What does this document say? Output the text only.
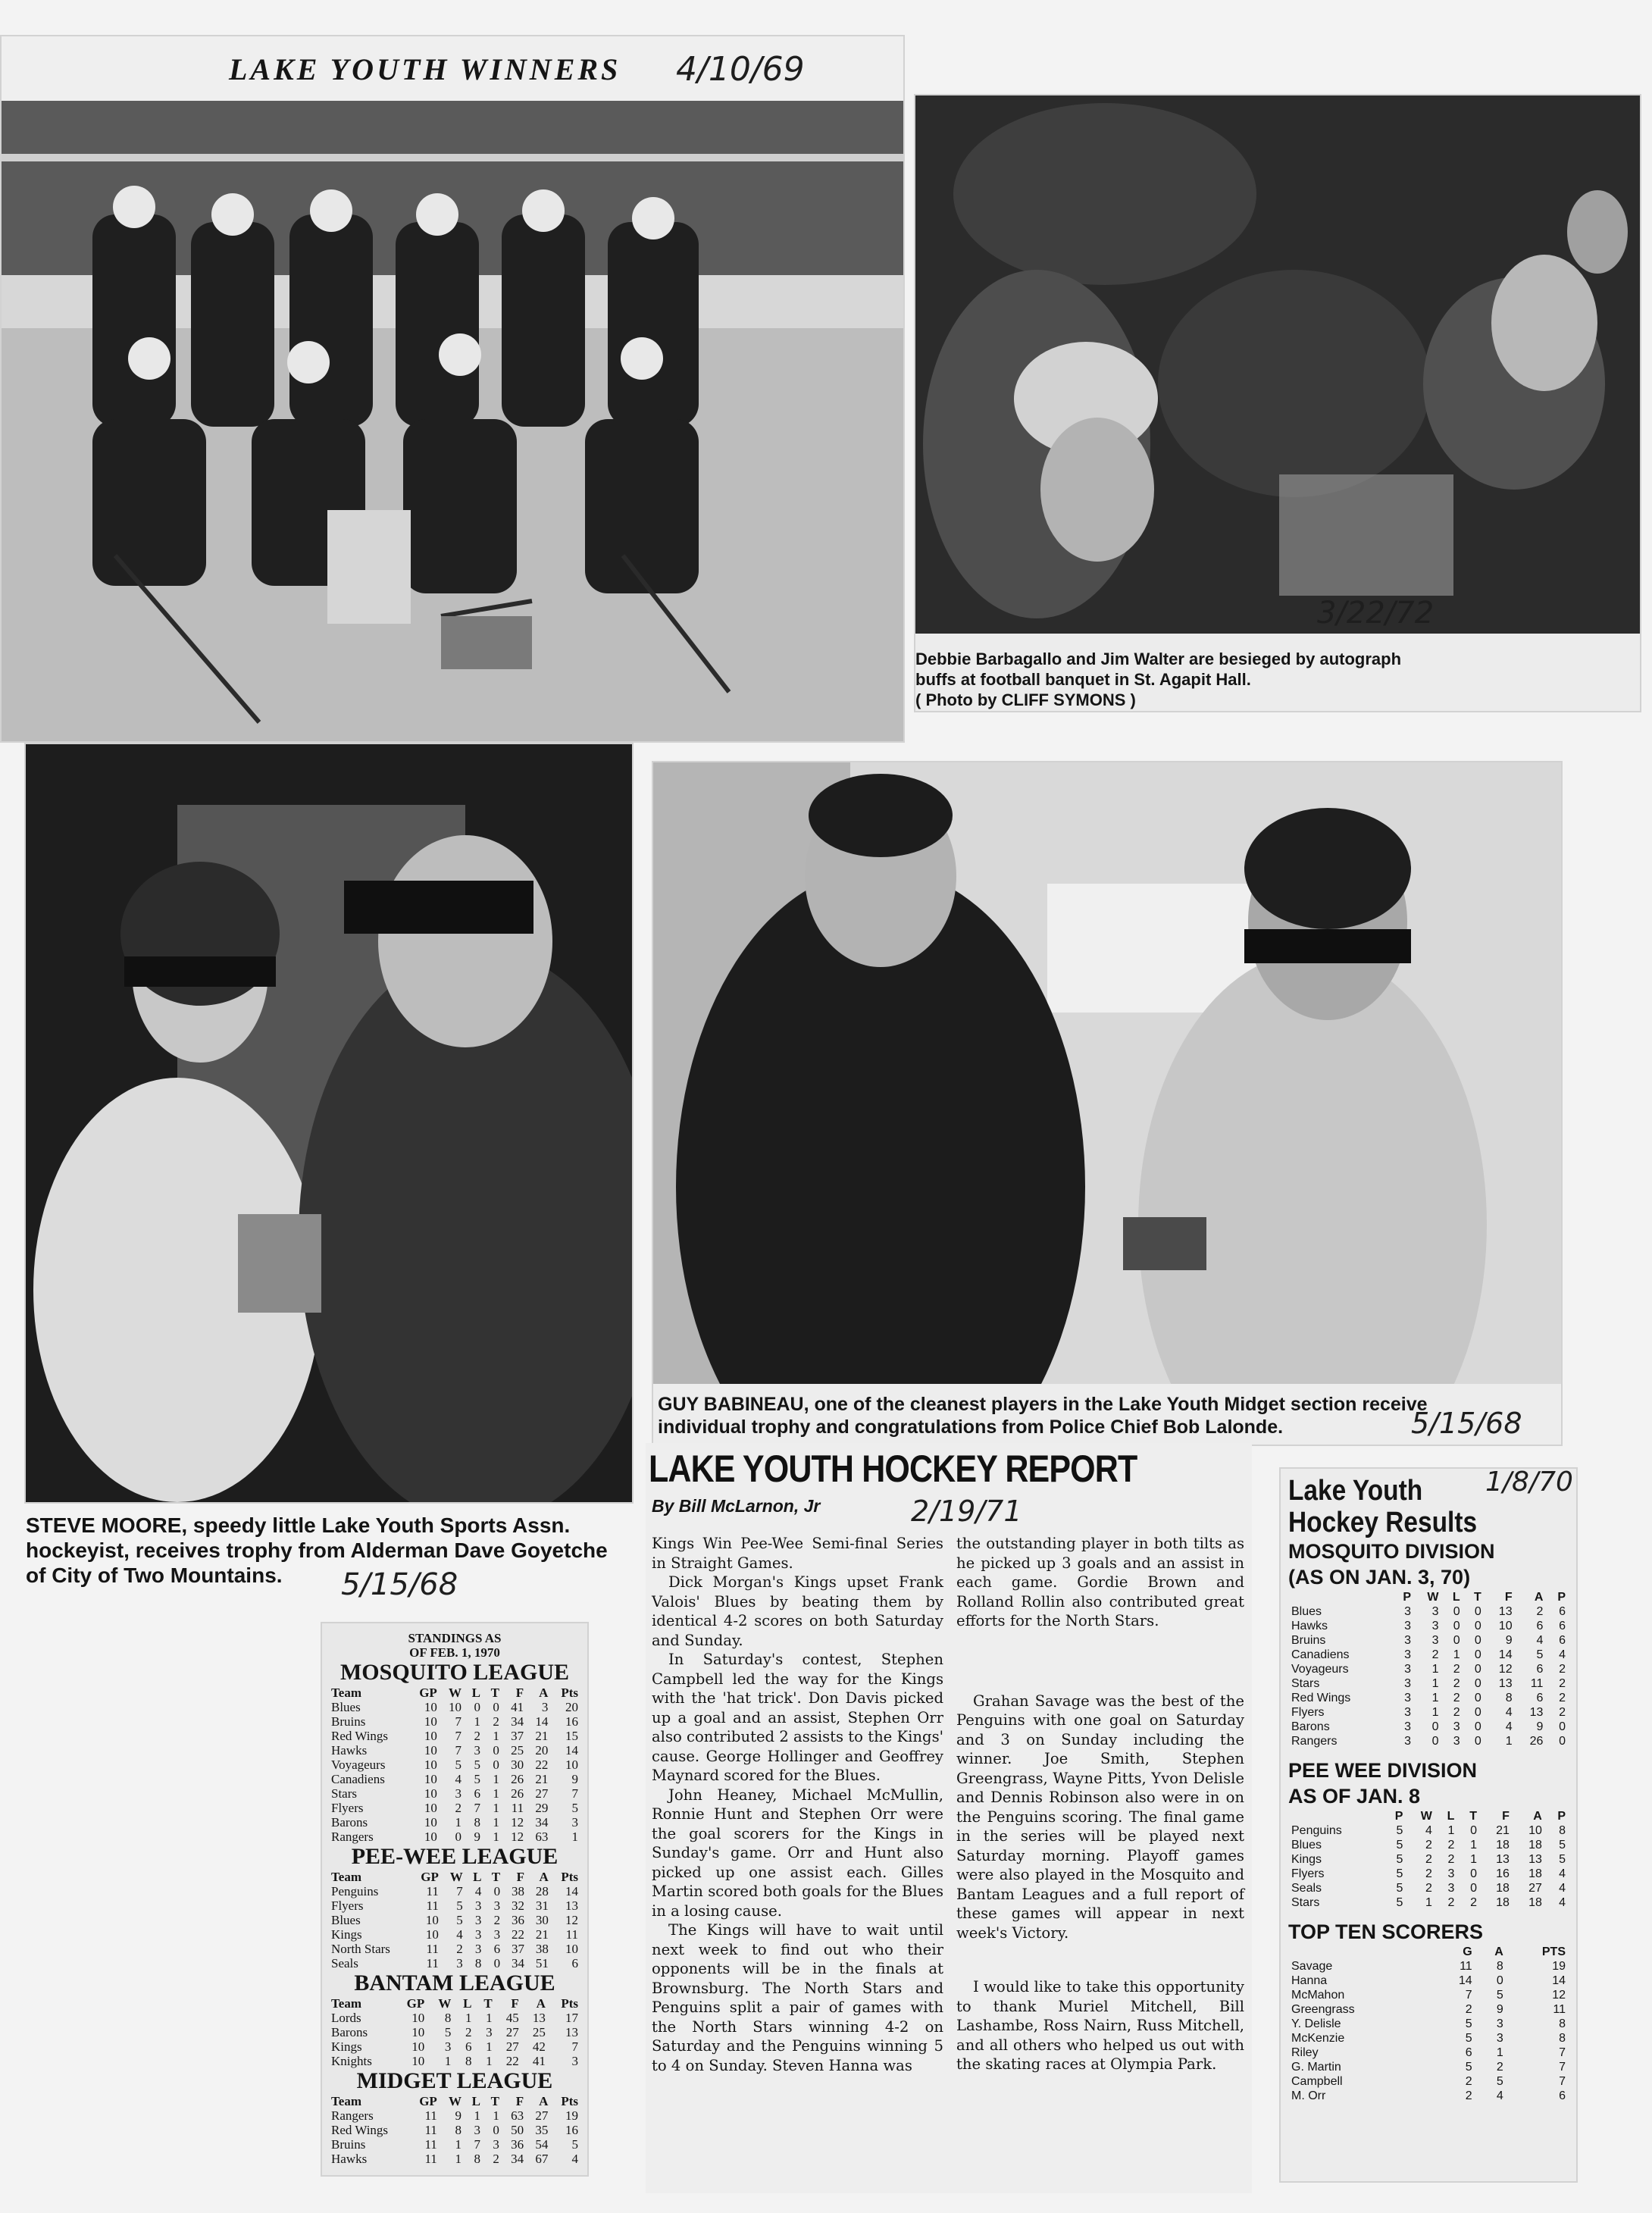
LAKE YOUTH WINNERS 4/10/69
3/22/72
Debbie Barbagallo and Jim Walter are besieged by autograph
buffs at football banquet in St. Agapit Hall.
( Photo by CLIFF SYMONS )
STEVE MOORE, speedy little Lake Youth Sports Assn.
hockeyist, receives trophy from Alderman Dave Goyetche
of City of Two Mountains.	5/15/68
GUY BABINEAU, one of the cleanest players in the Lake Youth Midget section receive
individual trophy and congratulations from Police Chief Bob Lalonde.	5/15/68
STANDINGS AS
OF FEB. 1, 1970
MOSQUITO LEAGUE
Team	GP	W	L	T	F	A	Pts
Blues	10	10	0	0	41	3	20
Bruins	10	7	1	2	34	14	16
Red Wings	10	7	2	1	37	21	15
Hawks	10	7	3	0	25	20	14
Voyageurs	10	5	5	0	30	22	10
Canadiens	10	4	5	1	26	21	9
Stars	10	3	6	1	26	27	7
Flyers	10	2	7	1	11	29	5
Barons	10	1	8	1	12	34	3
Rangers	10	0	9	1	12	63	1
PEE-WEE LEAGUE
Team	GP	W	L	T	F	A	Pts
Penguins	11	7	4	0	38	28	14
Flyers	11	5	3	3	32	31	13
Blues	10	5	3	2	36	30	12
Kings	10	4	3	3	22	21	11
North Stars	11	2	3	6	37	38	10
Seals	11	3	8	0	34	51	6
BANTAM LEAGUE
Team	GP	W	L	T	F	A	Pts
Lords	10	8	1	1	45	13	17
Barons	10	5	2	3	27	25	13
Kings	10	3	6	1	27	42	7
Knights	10	1	8	1	22	41	3
MIDGET LEAGUE
Team	GP	W	L	T	F	A	Pts
Rangers	11	9	1	1	63	27	19
Red Wings	11	8	3	0	50	35	16
Bruins	11	1	7	3	36	54	5
Hawks	11	1	8	2	34	67	4
LAKE YOUTH HOCKEY REPORT
By Bill McLarnon, Jr	2/19/71

Kings Win Pee-Wee Semi-final Series in Straight Games.

Dick Morgan's Kings upset Frank Valois' Blues by beating them by identical 4-2 scores on both Saturday and Sunday.

In Saturday's contest, Stephen Campbell led the way for the Kings with the 'hat trick'. Don Davis picked up a goal and an assist, Stephen Orr also contributed 2 assists to the Kings' cause. George Hollinger and Geoffrey Maynard scored for the Blues.

John Heaney, Michael McMullin, Ronnie Hunt and Stephen Orr were the goal scorers for the Kings in Sunday's game. Orr and Hunt also picked up one assist each. Gilles Martin scored both goals for the Blues in a losing cause.

The Kings will have to wait until next week to find out who their opponents will be in the finals at Brownsburg. The North Stars and Penguins split a pair of games with the North Stars winning 4-2 on Saturday and the Penguins winning 5 to 4 on Sunday. Steven Hanna was

the outstanding player in both tilts as he picked up 3 goals and an assist in each game. Gordie Brown and Rolland Rollin also contributed great efforts for the North Stars.

Grahan Savage was the best of the Penguins with one goal on Saturday and 3 on Sunday including the winner. Joe Smith, Stephen Greengrass, Wayne Pitts, Yvon Delisle and Dennis Robinson also were in on the Penguins scoring. The final game in the series will be played next Saturday morning. Playoff games were also played in the Mosquito and Bantam Leagues and a full report of these games will appear in next week's Victory.

I would like to take this opportunity to thank Muriel Mitchell, Bill Lashambe, Ross Nairn, Russ Mitchell, and all others who helped us out with the skating races at Olympia Park.

Lake Youth
Hockey Results
1/8/70
MOSQUITO DIVISION
(AS ON JAN. 3, 70)
	P	W	L	T	F	A	P
Blues	3	3	0	0	13	2	6
Hawks	3	3	0	0	10	6	6
Bruins	3	3	0	0	9	4	6
Canadiens	3	2	1	0	14	5	4
Voyageurs	3	1	2	0	12	6	2
Stars	3	1	2	0	13	11	2
Red Wings	3	1	2	0	8	6	2
Flyers	3	1	2	0	4	13	2
Barons	3	0	3	0	4	9	0
Rangers	3	0	3	0	1	26	0
PEE WEE DIVISION
AS OF JAN. 8
	P	W	L	T	F	A	P
Penguins	5	4	1	0	21	10	8
Blues	5	2	2	1	18	18	5
Kings	5	2	2	1	13	13	5
Flyers	5	2	3	0	16	18	4
Seals	5	2	3	0	18	27	4
Stars	5	1	2	2	18	18	4
TOP TEN SCORERS
	G	A	PTS
Savage	11	8	19
Hanna	14	0	14
McMahon	7	5	12
Greengrass	2	9	11
Y. Delisle	5	3	8
McKenzie	5	3	8
Riley	6	1	7
G. Martin	5	2	7
Campbell	2	5	7
M. Orr	2	4	6
